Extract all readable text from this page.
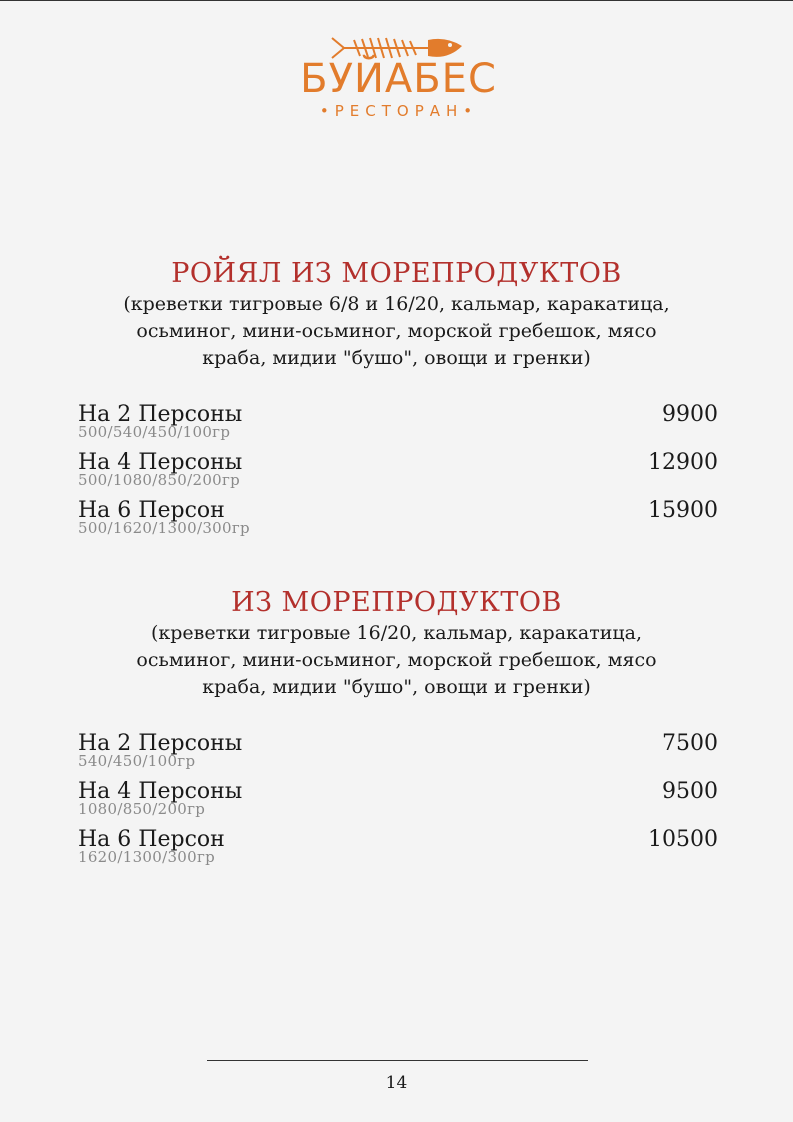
БУЙАБЕС
•РЕСТОРАН•
РОЙЯЛ ИЗ МОРЕПРОДУКТОВ
(креветки тигровые 6/8 и 16/20, кальмар, каракатица, осьминог, мини-осьминог, морской гребешок, мясо краба, мидии "бушо", овощи и гренки)
На 2 Персоны
500/540/450/100гр
9900
На 4 Персоны
500/1080/850/200гр
12900
На 6 Персон
500/1620/1300/300гр
15900
ИЗ МОРЕПРОДУКТОВ
(креветки тигровые 16/20, кальмар, каракатица, осьминог, мини-осьминог, морской гребешок, мясо краба, мидии "бушо", овощи и гренки)
На 2 Персоны
540/450/100гр
7500
На 4 Персоны
1080/850/200гр
9500
На 6 Персон
1620/1300/300гр
10500
14
